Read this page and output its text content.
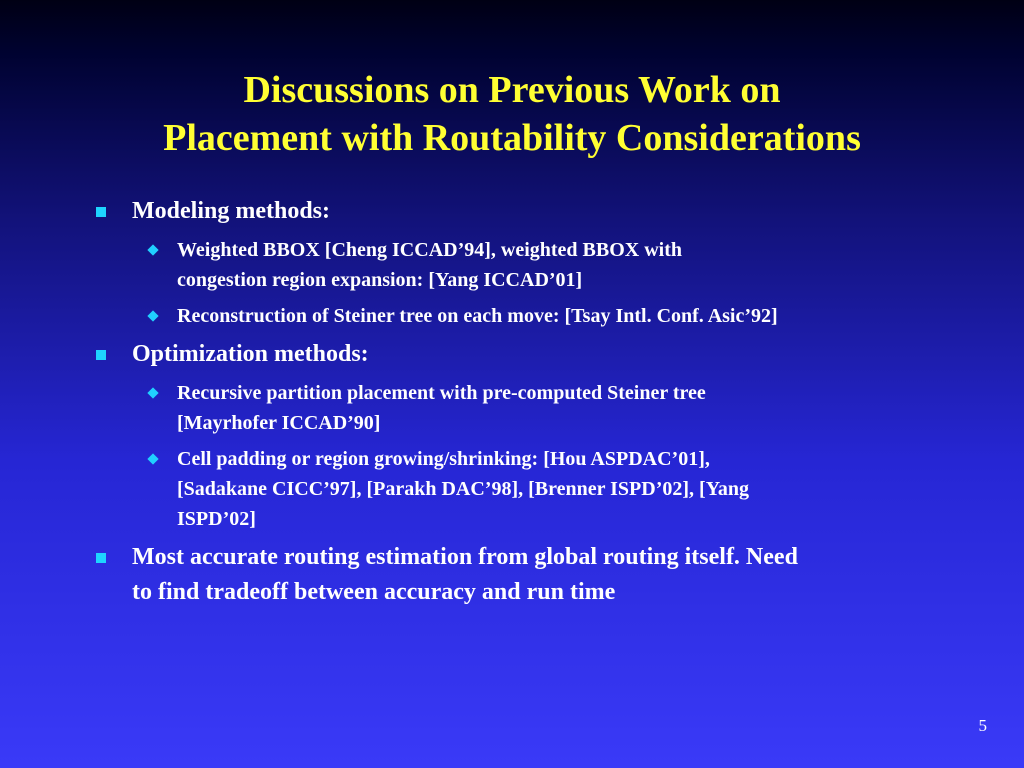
Discussions on Previous Work on
Placement with Routability Considerations
Modeling methods:
Weighted BBOX [Cheng ICCAD’94], weighted BBOX with
congestion region expansion: [Yang ICCAD’01]
Reconstruction of Steiner tree on each move: [Tsay Intl. Conf. Asic’92]
Optimization methods:
Recursive partition placement with pre-computed Steiner tree
[Mayrhofer ICCAD’90]
Cell padding or region growing/shrinking: [Hou ASPDAC’01],
[Sadakane CICC’97], [Parakh DAC’98], [Brenner ISPD’02], [Yang
ISPD’02]
Most accurate routing estimation from global routing itself. Need
to find tradeoff between accuracy and run time
5
